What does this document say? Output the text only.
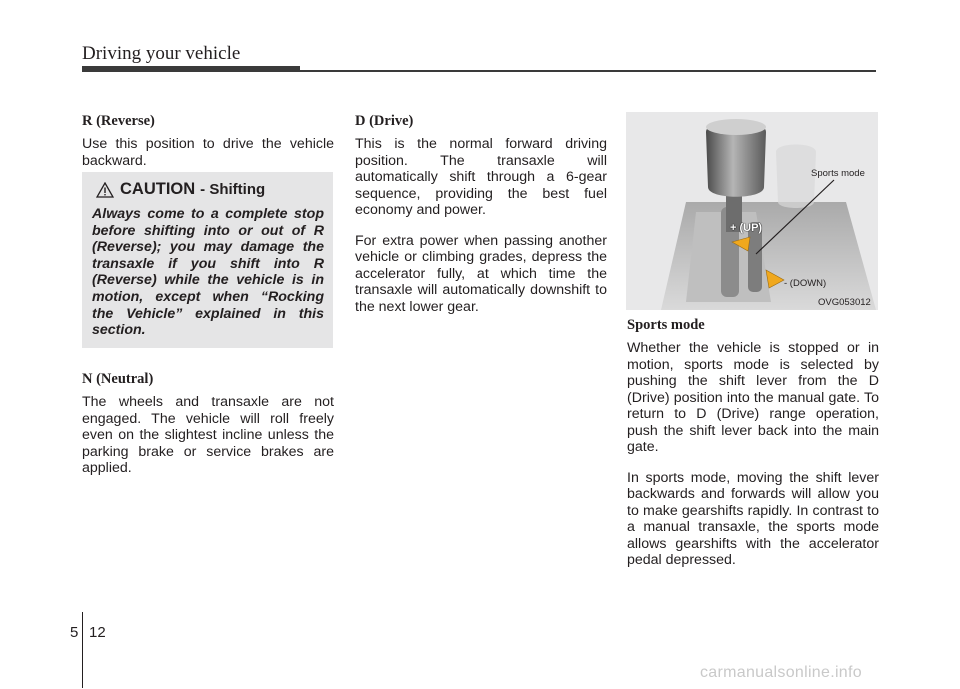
Driving your vehicle

R (Reverse)

Use this position to drive the vehicle backward.

CAUTION - Shifting
Always come to a complete stop before shifting into or out of R (Reverse); you may damage the transaxle if you shift into R (Reverse) while the vehicle is in motion, except when “Rocking the Vehicle” explained in this section.

N (Neutral)

The wheels and transaxle are not engaged. The vehicle will roll freely even on the slightest incline unless the parking brake or service brakes are applied.

D (Drive)

This is the normal forward driving position. The transaxle will automatically shift through a 6-gear sequence, providing the best fuel economy and power.

For extra power when passing another vehicle or climbing grades, depress the accelerator fully, at which time the transaxle will automatically downshift to the next lower gear.

Sports mode
+ (UP)
- (DOWN)
OVG053012

Sports mode

Whether the vehicle is stopped or in motion, sports mode is selected by pushing the shift lever from the D (Drive) position into the manual gate. To return to D (Drive) range operation, push the shift lever back into the main gate.

In sports mode, moving the shift lever backwards and forwards will allow you to make gearshifts rapidly. In contrast to a manual transaxle, the sports mode allows gearshifts with the accelerator pedal depressed.

5 12
carmanualsonline.info
